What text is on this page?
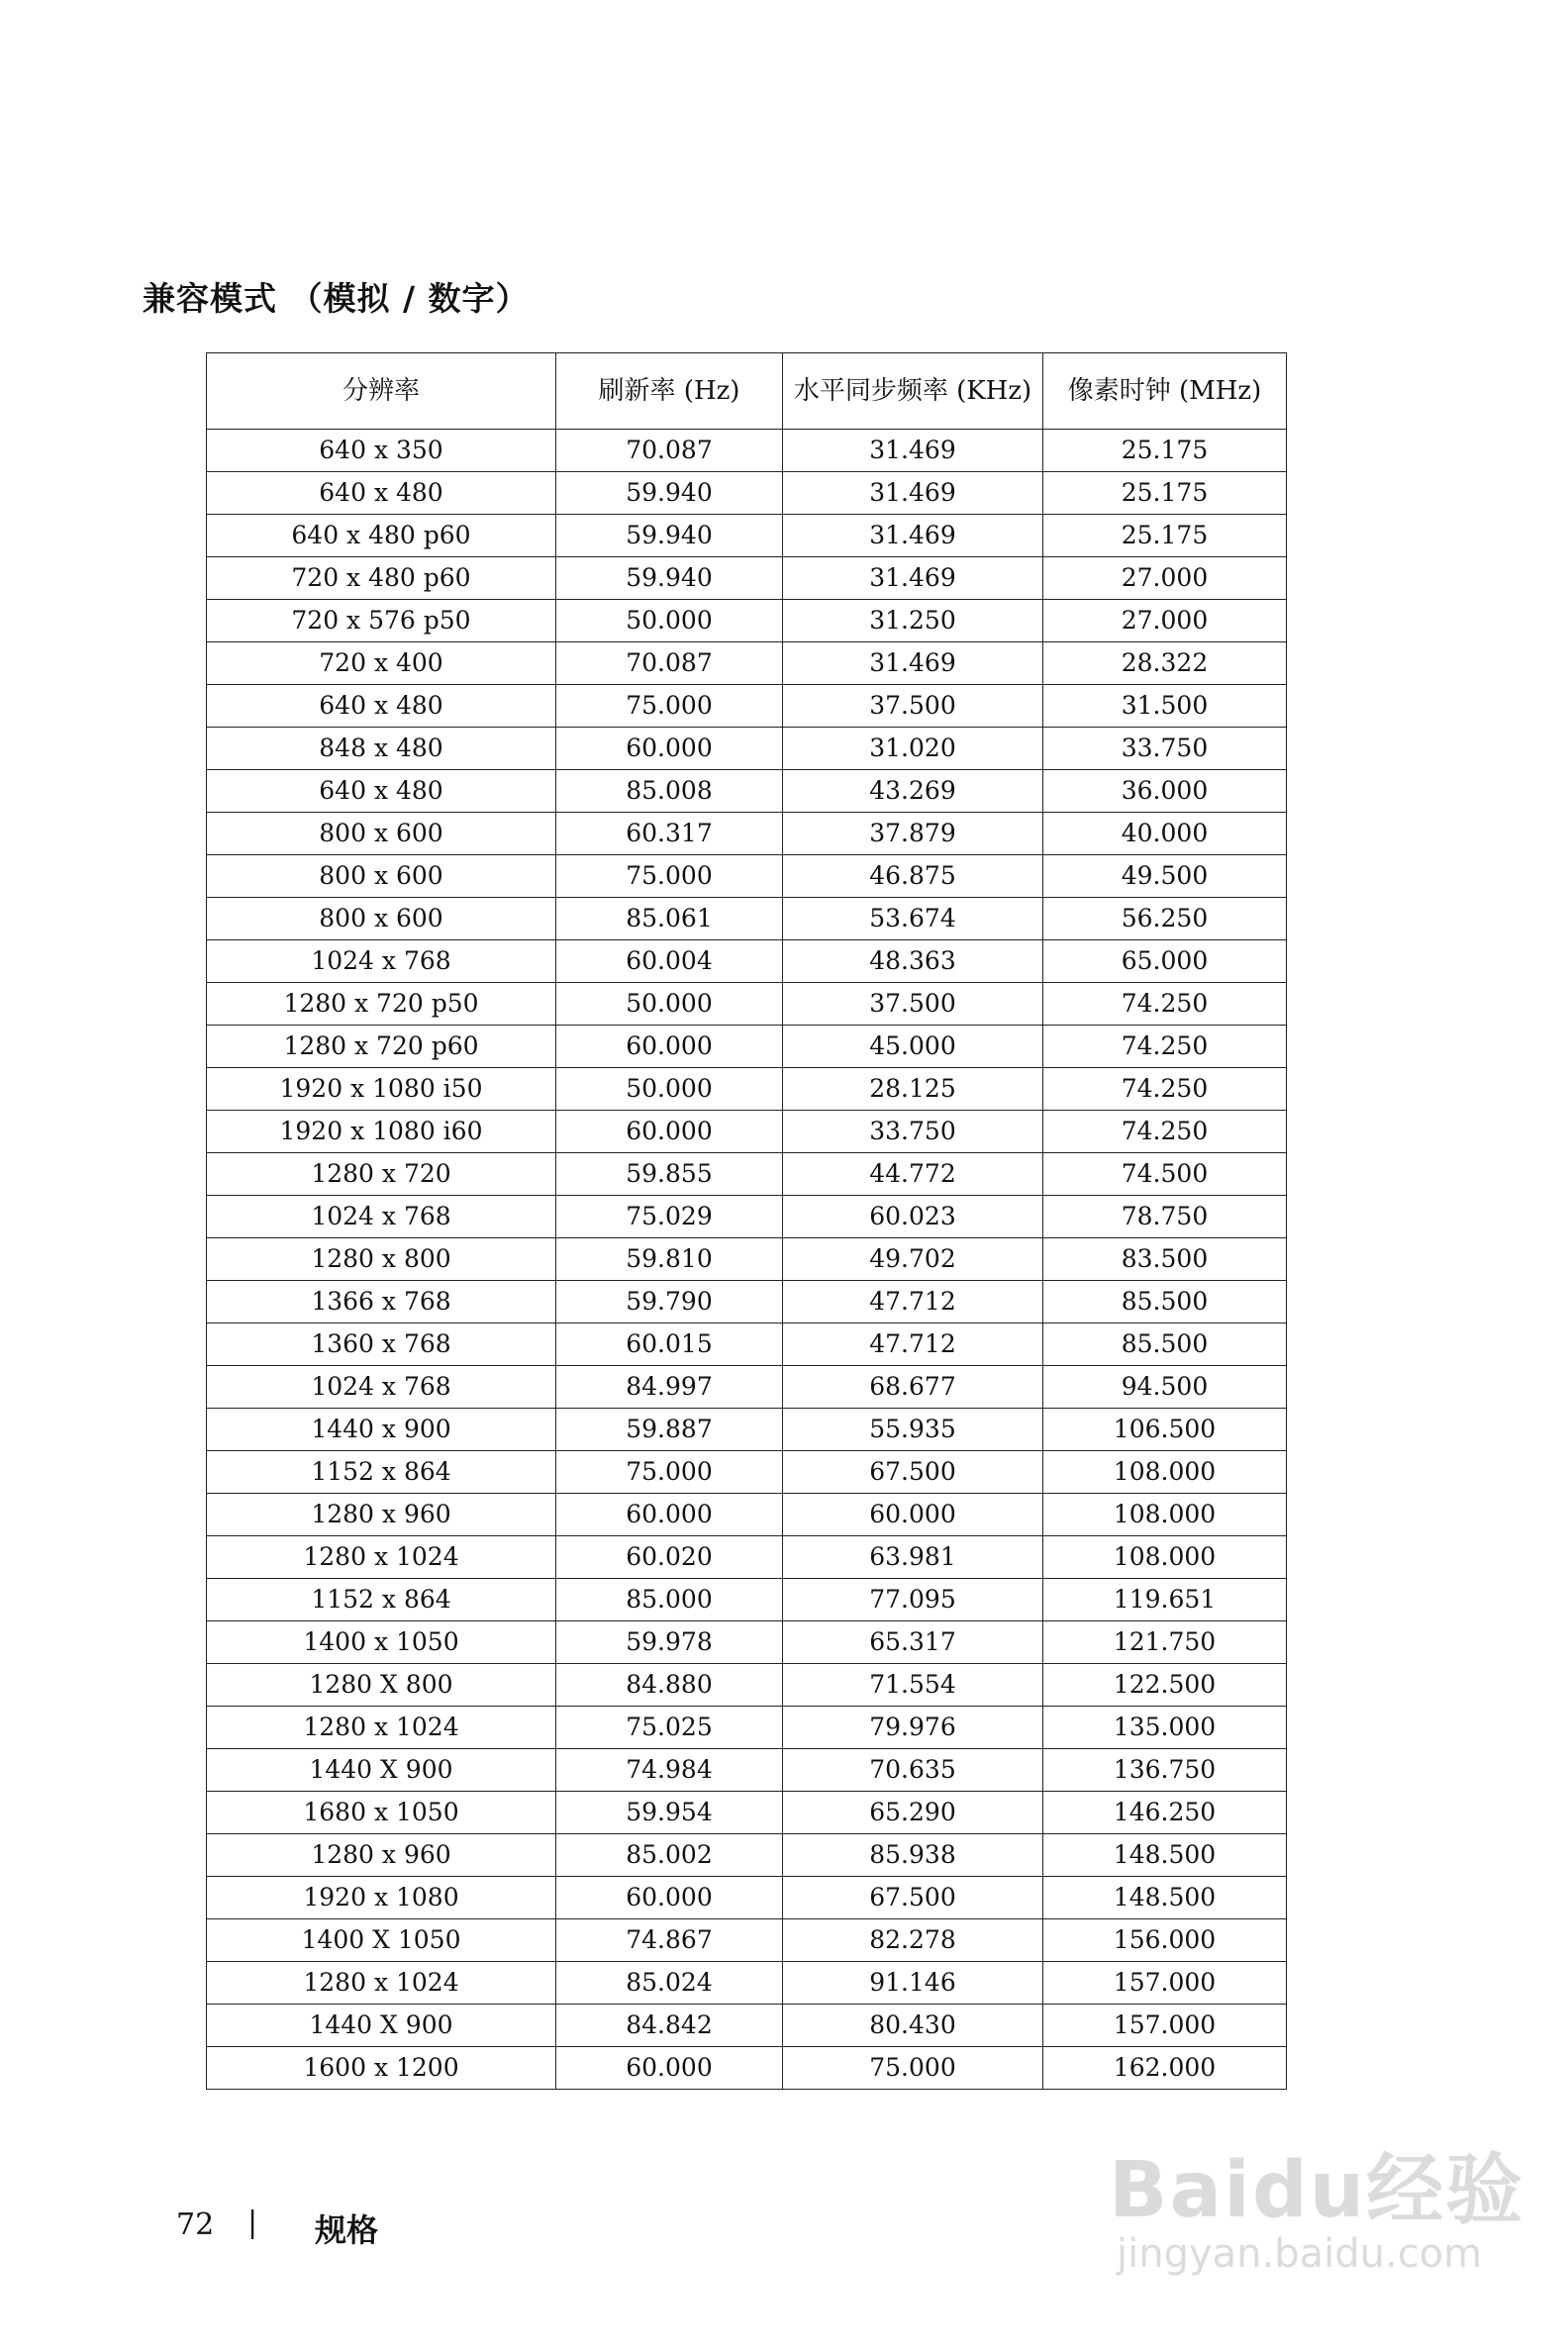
兼容模式 （模拟 / 数字）
分辨率	刷新率 (Hz)	水平同步频率 (KHz)	像素时钟 (MHz)
640 x 350	70.087	31.469	25.175
640 x 480	59.940	31.469	25.175
640 x 480 p60	59.940	31.469	25.175
720 x 480 p60	59.940	31.469	27.000
720 x 576 p50	50.000	31.250	27.000
720 x 400	70.087	31.469	28.322
640 x 480	75.000	37.500	31.500
848 x 480	60.000	31.020	33.750
640 x 480	85.008	43.269	36.000
800 x 600	60.317	37.879	40.000
800 x 600	75.000	46.875	49.500
800 x 600	85.061	53.674	56.250
1024 x 768	60.004	48.363	65.000
1280 x 720 p50	50.000	37.500	74.250
1280 x 720 p60	60.000	45.000	74.250
1920 x 1080 i50	50.000	28.125	74.250
1920 x 1080 i60	60.000	33.750	74.250
1280 x 720	59.855	44.772	74.500
1024 x 768	75.029	60.023	78.750
1280 x 800	59.810	49.702	83.500
1366 x 768	59.790	47.712	85.500
1360 x 768	60.015	47.712	85.500
1024 x 768	84.997	68.677	94.500
1440 x 900	59.887	55.935	106.500
1152 x 864	75.000	67.500	108.000
1280 x 960	60.000	60.000	108.000
1280 x 1024	60.020	63.981	108.000
1152 x 864	85.000	77.095	119.651
1400 x 1050	59.978	65.317	121.750
1280 X 800	84.880	71.554	122.500
1280 x 1024	75.025	79.976	135.000
1440 X 900	74.984	70.635	136.750
1680 x 1050	59.954	65.290	146.250
1280 x 960	85.002	85.938	148.500
1920 x 1080	60.000	67.500	148.500
1400 X 1050	74.867	82.278	156.000
1280 x 1024	85.024	91.146	157.000
1440 X 900	84.842	80.430	157.000
1600 x 1200	60.000	75.000	162.000
72 | 规格	Baidu经验
jingyan.baidu.com
